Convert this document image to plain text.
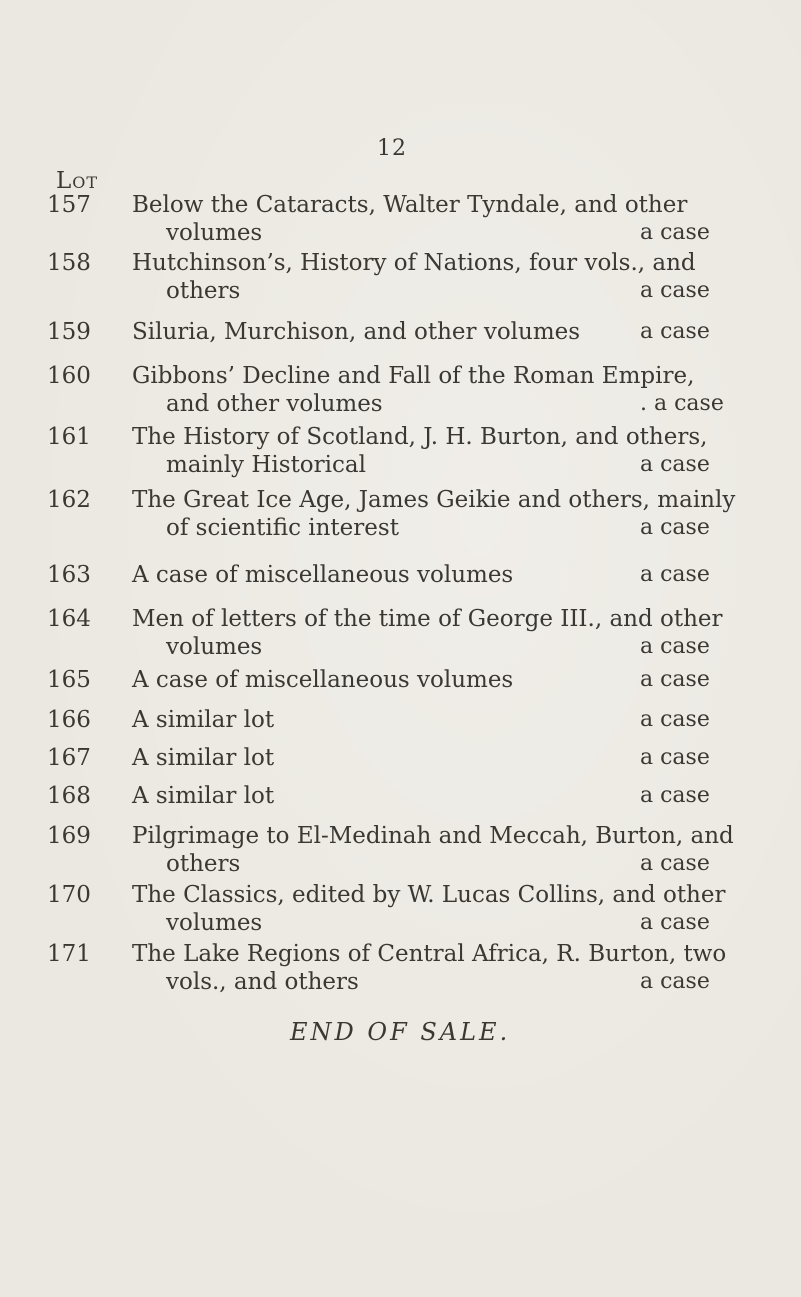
12
Lot
157 Below the Cataracts, Walter Tyndale, and other
volumes	a case
158 Hutchinson’s, History of Nations, four vols., and
others	a case
159 Siluria, Murchison, and other volumes	a case
160 Gibbons’ Decline and Fall of the Roman Empire,
and other volumes	. a case
161 The History of Scotland, J. H. Burton, and others,
mainly Historical	a case
162 The Great Ice Age, James Geikie and others, mainly
of scientific interest	a case
163 A case of miscellaneous volumes	a case
164 Men of letters of the time of George III., and other
volumes	a case
165 A case of miscellaneous volumes	a case
166 A similar lot	a case
167 A similar lot	a case
168 A similar lot	a case
169 Pilgrimage to El-Medinah and Meccah, Burton, and
others	a case
170 The Classics, edited by W. Lucas Collins, and other
volumes	a case
171 The Lake Regions of Central Africa, R. Burton, two
vols., and others	a case
END OF SALE.
